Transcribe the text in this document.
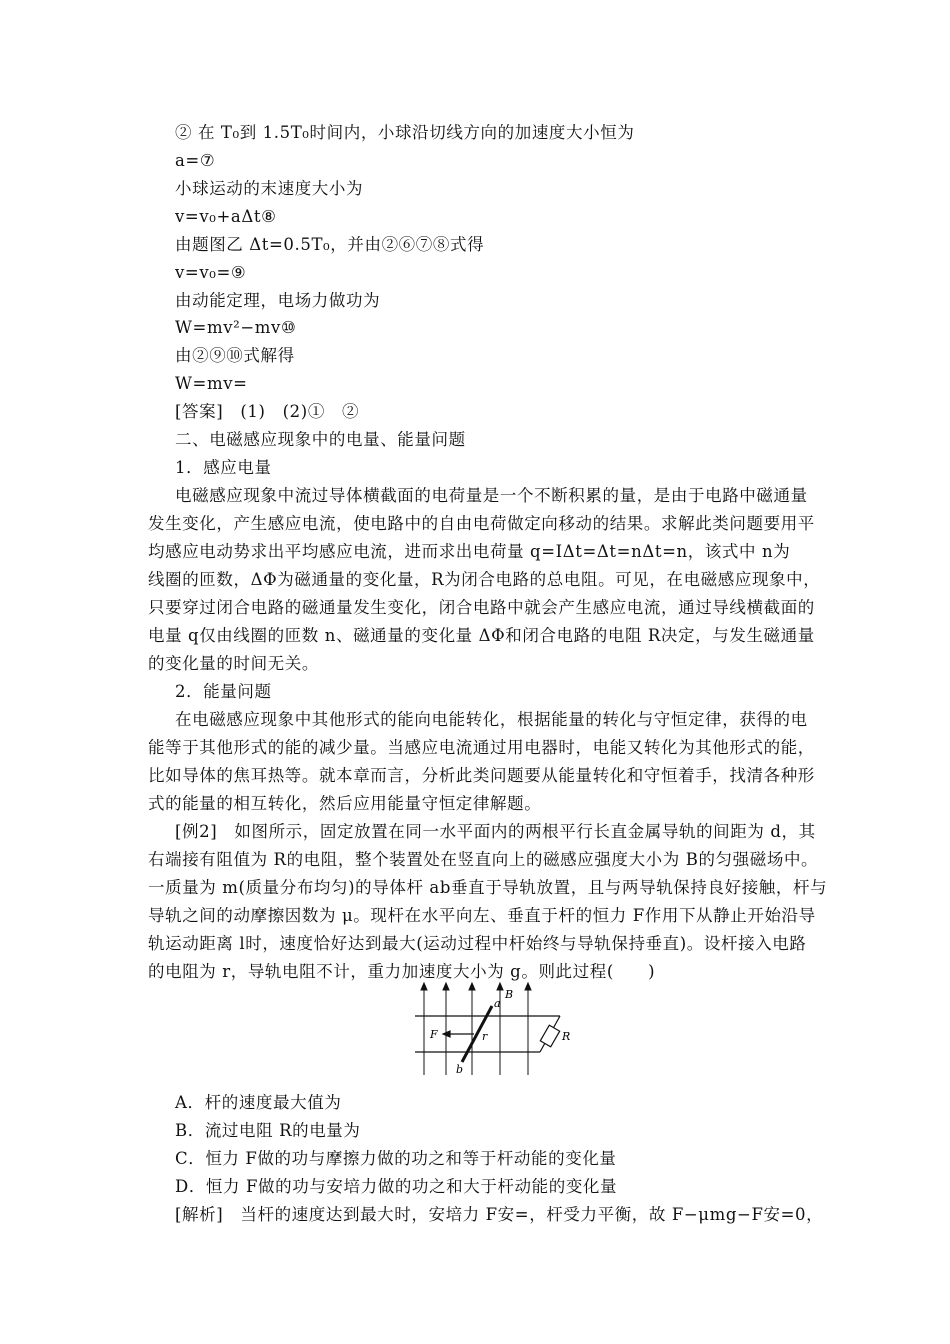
② 在 T₀到 1.5T₀时间内，小球沿切线方向的加速度大小恒为
a=⑦
小球运动的末速度大小为
v=v₀+aΔt⑧
由题图乙 Δt=0.5T₀，并由②⑥⑦⑧式得
v=v₀=⑨
由动能定理，电场力做功为
W=mv²−mv⑩
由②⑨⑩式解得
W=mv=
[答案]　(1)　(2)①　②
二、电磁感应现象中的电量、能量问题
1．感应电量
电磁感应现象中流过导体横截面的电荷量是一个不断积累的量，是由于电路中磁通量
发生变化，产生感应电流，使电路中的自由电荷做定向移动的结果。求解此类问题要用平
均感应电动势求出平均感应电流，进而求出电荷量 q=IΔt=Δt=nΔt=n，该式中 n为
线圈的匝数，ΔΦ为磁通量的变化量，R为闭合电路的总电阻。可见，在电磁感应现象中，
只要穿过闭合电路的磁通量发生变化，闭合电路中就会产生感应电流，通过导线横截面的
电量 q仅由线圈的匝数 n、磁通量的变化量 ΔΦ和闭合电路的电阻 R决定，与发生磁通量
的变化量的时间无关。
2．能量问题
在电磁感应现象中其他形式的能向电能转化，根据能量的转化与守恒定律，获得的电
能等于其他形式的能的减少量。当感应电流通过用电器时，电能又转化为其他形式的能，
比如导体的焦耳热等。就本章而言，分析此类问题要从能量转化和守恒着手，找清各种形
式的能量的相互转化，然后应用能量守恒定律解题。
[例2]　如图所示，固定放置在同一水平面内的两根平行长直金属导轨的间距为 d，其
右端接有阻值为 R的电阻，整个装置处在竖直向上的磁感应强度大小为 B的匀强磁场中。
一质量为 m(质量分布均匀)的导体杆 ab垂直于导轨放置，且与两导轨保持良好接触，杆与
导轨之间的动摩擦因数为 μ。现杆在水平向左、垂直于杆的恒力 F作用下从静止开始沿导
轨运动距离 l时，速度恰好达到最大(运动过程中杆始终与导轨保持垂直)。设杆接入电路
的电阻为 r，导轨电阻不计，重力加速度大小为 g。则此过程(　　)
a
b
B
F	r	R
A．杆的速度最大值为
B．流过电阻 R的电量为
C．恒力 F做的功与摩擦力做的功之和等于杆动能的变化量
D．恒力 F做的功与安培力做的功之和大于杆动能的变化量
[解析]　当杆的速度达到最大时，安培力 F安=，杆受力平衡，故 F−μmg−F安=0，
